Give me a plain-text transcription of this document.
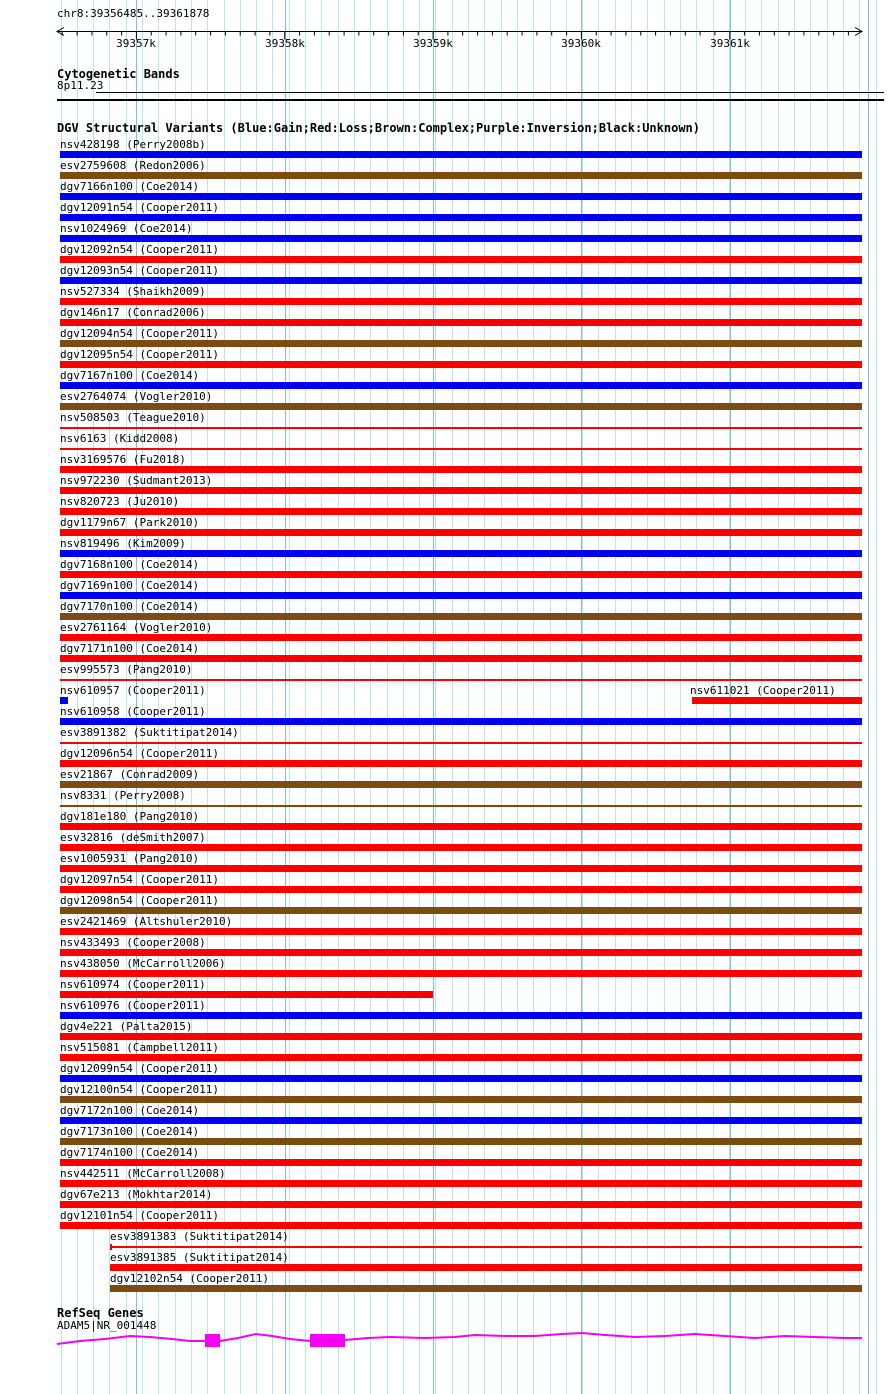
chr8:39356485..39361878
39357k	39358k	39359k	39360k	39361k
Cytogenetic Bands
8p11.23
DGV Structural Variants (Blue:Gain;Red:Loss;Brown:Complex;Purple:Inversion;Black:Unknown)
nsv428198 (Perry2008b)
esv2759608 (Redon2006)
dgv7166n100 (Coe2014)
dgv12091n54 (Cooper2011)
nsv1024969 (Coe2014)
dgv12092n54 (Cooper2011)
dgv12093n54 (Cooper2011)
nsv527334 (Shaikh2009)
dgv146n17 (Conrad2006)
dgv12094n54 (Cooper2011)
dgv12095n54 (Cooper2011)
dgv7167n100 (Coe2014)
esv2764074 (Vogler2010)
nsv508503 (Teague2010)
nsv6163 (Kidd2008)
nsv3169576 (Fu2018)
nsv972230 (Sudmant2013)
nsv820723 (Ju2010)
dgv1179n67 (Park2010)
nsv819496 (Kim2009)
dgv7168n100 (Coe2014)
dgv7169n100 (Coe2014)
dgv7170n100 (Coe2014)
esv2761164 (Vogler2010)
dgv7171n100 (Coe2014)
esv995573 (Pang2010)
nsv610957 (Cooper2011)	nsv611021 (Cooper2011)
nsv610958 (Cooper2011)
esv3891382 (Suktitipat2014)
dgv12096n54 (Cooper2011)
esv21867 (Conrad2009)
nsv8331 (Perry2008)
dgv181e180 (Pang2010)
esv32816 (deSmith2007)
esv1005931 (Pang2010)
dgv12097n54 (Cooper2011)
dgv12098n54 (Cooper2011)
esv2421469 (Altshuler2010)
nsv433493 (Cooper2008)
nsv438050 (McCarroll2006)
nsv610974 (Cooper2011)
nsv610976 (Cooper2011)
dgv4e221 (Palta2015)
nsv515081 (Campbell2011)
dgv12099n54 (Cooper2011)
dgv12100n54 (Cooper2011)
dgv7172n100 (Coe2014)
dgv7173n100 (Coe2014)
dgv7174n100 (Coe2014)
nsv442511 (McCarroll2008)
dgv67e213 (Mokhtar2014)
dgv12101n54 (Cooper2011)
esv3891383 (Suktitipat2014)
esv3891385 (Suktitipat2014)
dgv12102n54 (Cooper2011)
RefSeq Genes
ADAM5|NR_001448
